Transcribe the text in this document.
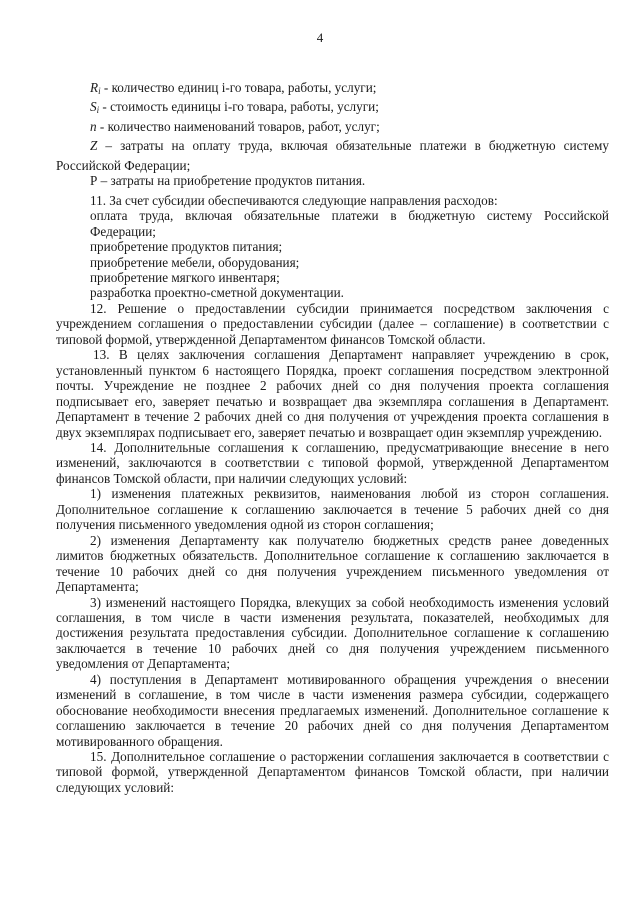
4

$R_i$ - количество единиц i-го товара, работы, услуги;

$S_i$ - стоимость единицы i-го товара, работы, услуги;

n - количество наименований товаров, работ, услуг;

Z – затраты на оплату труда, включая обязательные платежи в бюджетную систему Российской Федерации;

Р – затраты на приобретение продуктов питания.

11. За счет субсидии обеспечиваются следующие направления расходов:

оплата труда, включая обязательные платежи в бюджетную систему Российской Федерации;

приобретение продуктов питания;

приобретение мебели, оборудования;

приобретение мягкого инвентаря;

разработка проектно-сметной документации.

12. Решение о предоставлении субсидии принимается посредством заключения с учреждением соглашения о предоставлении субсидии (далее – соглашение) в соответствии с типовой формой, утвержденной Департаментом финансов Томской области.

13. В целях заключения соглашения Департамент направляет учреждению в срок, установленный пунктом 6 настоящего Порядка, проект соглашения посредством электронной почты. Учреждение не позднее 2 рабочих дней со дня получения проекта соглашения подписывает его, заверяет печатью и возвращает два экземпляра соглашения в Департамент. Департамент в течение 2 рабочих дней со дня получения от учреждения проекта соглашения в двух экземплярах подписывает его, заверяет печатью и возвращает один экземпляр учреждению.

14. Дополнительные соглашения к соглашению, предусматривающие внесение в него изменений, заключаются в соответствии с типовой формой, утвержденной Департаментом финансов Томской области, при наличии следующих условий:

1) изменения платежных реквизитов, наименования любой из сторон соглашения. Дополнительное соглашение к соглашению заключается в течение 5 рабочих дней со дня получения письменного уведомления одной из сторон соглашения;

2) изменения Департаменту как получателю бюджетных средств ранее доведенных лимитов бюджетных обязательств. Дополнительное соглашение к соглашению заключается в течение 10 рабочих дней со дня получения учреждением письменного уведомления от Департамента;

3) изменений настоящего Порядка, влекущих за собой необходимость изменения условий соглашения, в том числе в части изменения результата, показателей, необходимых для достижения результата предоставления субсидии. Дополнительное соглашение к соглашению заключается в течение 10 рабочих дней со дня получения учреждением письменного уведомления от Департамента;

4) поступления в Департамент мотивированного обращения учреждения о внесении изменений в соглашение, в том числе в части изменения размера субсидии, содержащего обоснование необходимости внесения предлагаемых изменений. Дополнительное соглашение к соглашению заключается в течение 20 рабочих дней со дня получения Департаментом мотивированного обращения.

15. Дополнительное соглашение о расторжении соглашения заключается в соответствии с типовой формой, утвержденной Департаментом финансов Томской области, при наличии следующих условий:
